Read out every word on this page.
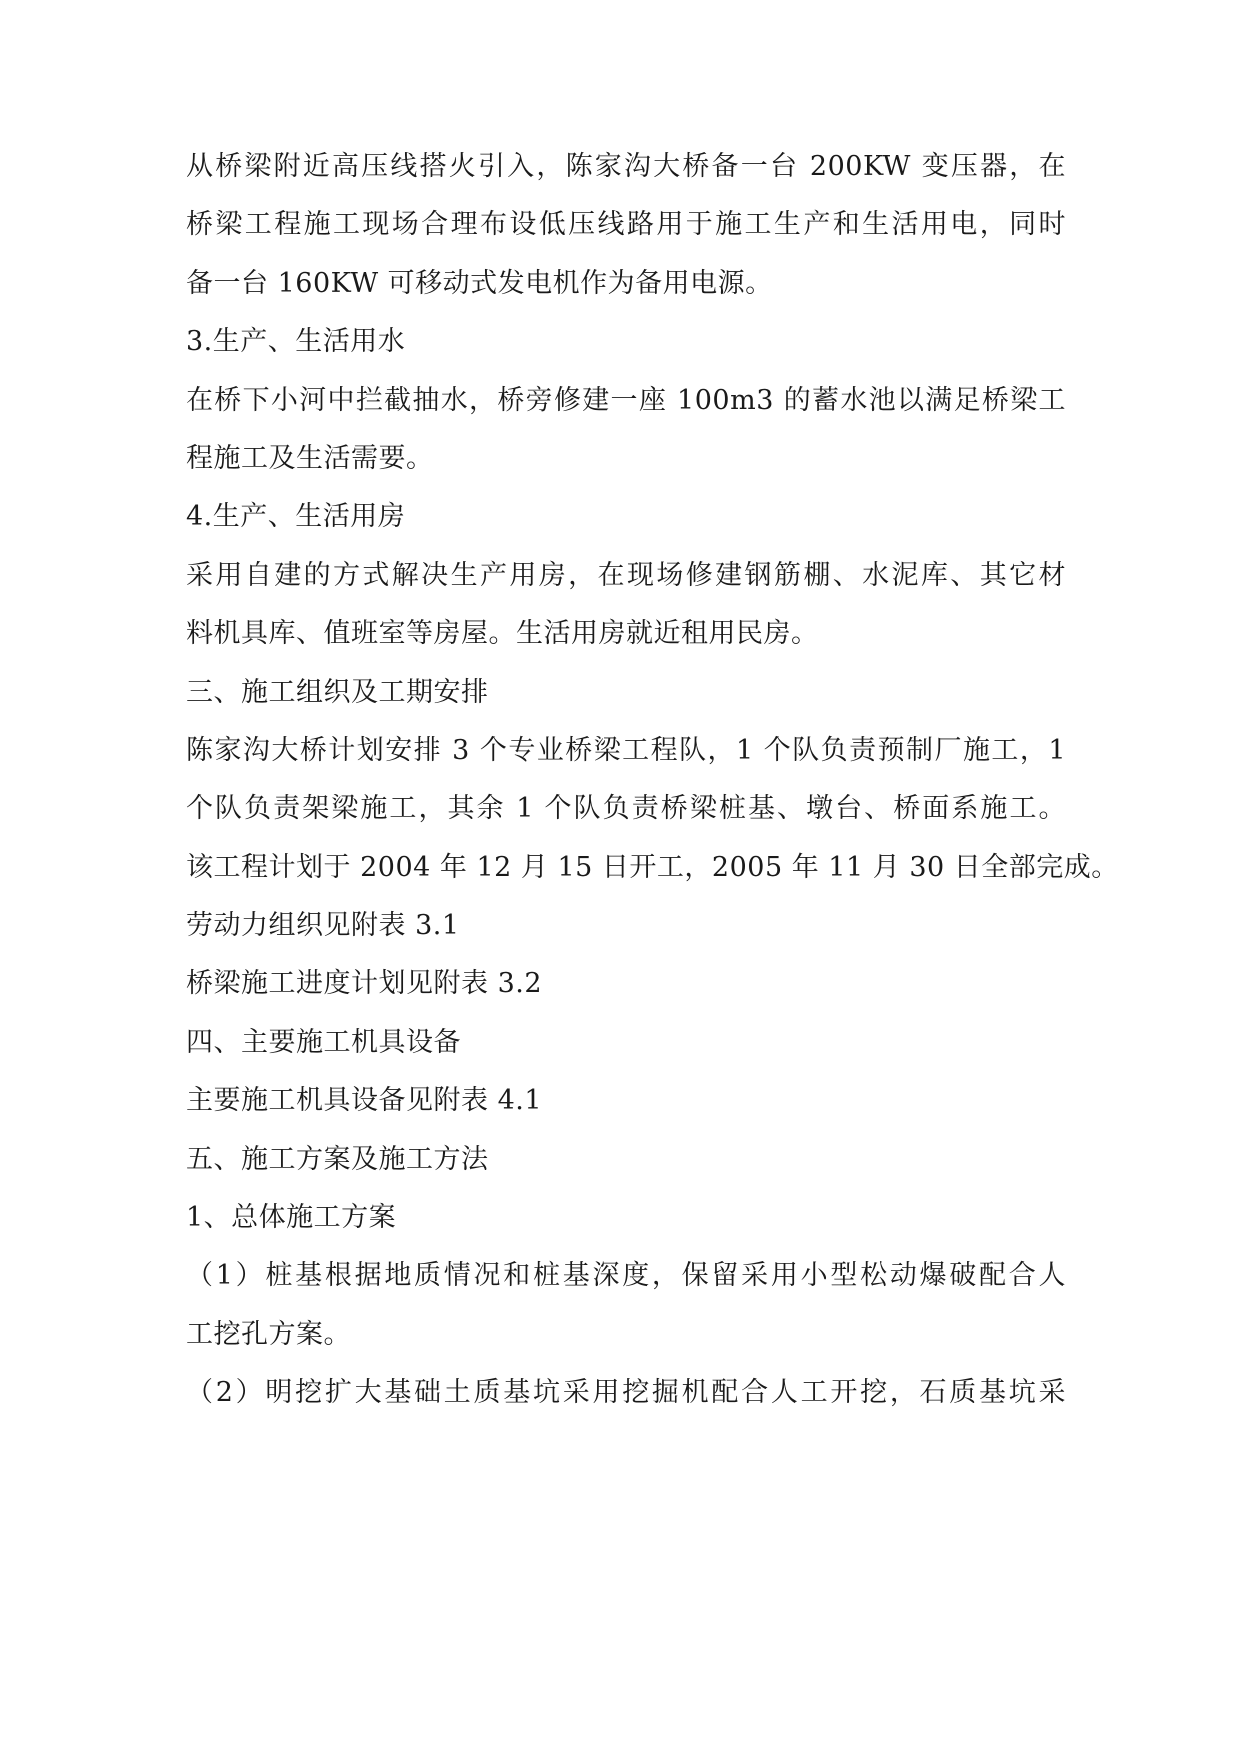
从桥梁附近高压线搭火引入，陈家沟大桥备一台 200KW 变压器，在
桥梁工程施工现场合理布设低压线路用于施工生产和生活用电，同时
备一台 160KW 可移动式发电机作为备用电源。
3.生产、生活用水
在桥下小河中拦截抽水，桥旁修建一座 100m3 的蓄水池以满足桥梁工
程施工及生活需要。
4.生产、生活用房
采用自建的方式解决生产用房，在现场修建钢筋棚、水泥库、其它材
料机具库、值班室等房屋。生活用房就近租用民房。
三、施工组织及工期安排
陈家沟大桥计划安排 3 个专业桥梁工程队，1 个队负责预制厂施工，1
个队负责架梁施工，其余 1 个队负责桥梁桩基、墩台、桥面系施工。
该工程计划于 2004 年 12 月 15 日开工，2005 年 11 月 30 日全部完成。
劳动力组织见附表 3.1
桥梁施工进度计划见附表 3.2
四、主要施工机具设备
主要施工机具设备见附表 4.1
五、施工方案及施工方法
1、总体施工方案
（1）桩基根据地质情况和桩基深度，保留采用小型松动爆破配合人
工挖孔方案。
（2）明挖扩大基础土质基坑采用挖掘机配合人工开挖，石质基坑采
